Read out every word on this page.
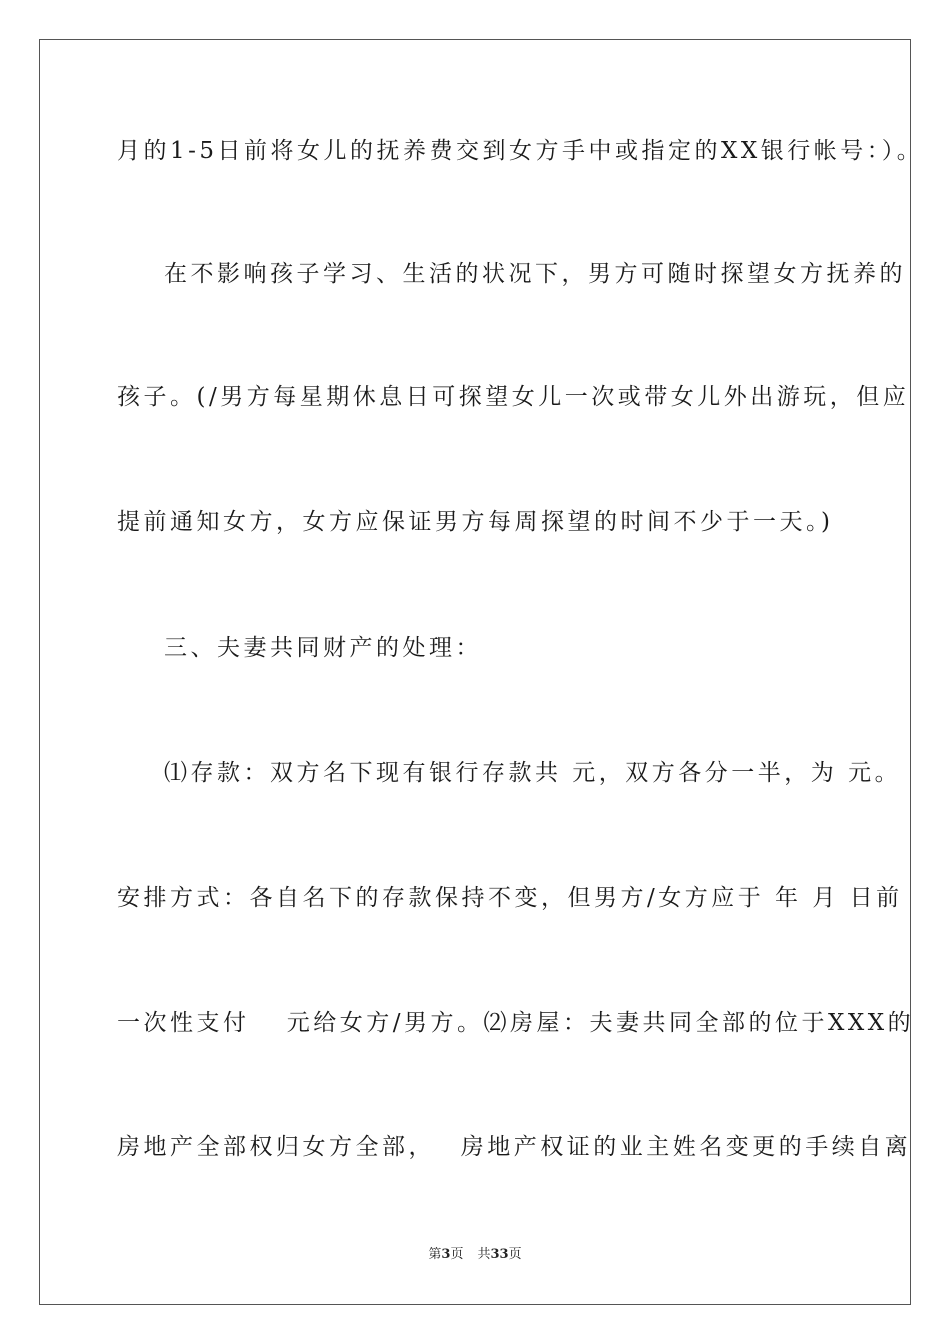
月的1-5日前将女儿的抚养费交到女方手中或指定的XX银行帐号：）。
在不影响孩子学习、生活的状况下，男方可随时探望女方抚养的
孩子。(/男方每星期休息日可探望女儿一次或带女儿外出游玩，但应
提前通知女方，女方应保证男方每周探望的时间不少于一天。)
三、夫妻共同财产的处理：
⑴存款：双方名下现有银行存款共 元，双方各分一半，为 元。
安排方式：各自名下的存款保持不变，但男方/女方应于 年 月 日前
一次性支付　 元给女方/男方。⑵房屋：夫妻共同全部的位于XXX的
房地产全部权归女方全部，　 房地产权证的业主姓名变更的手续自离
第3页 共33页
